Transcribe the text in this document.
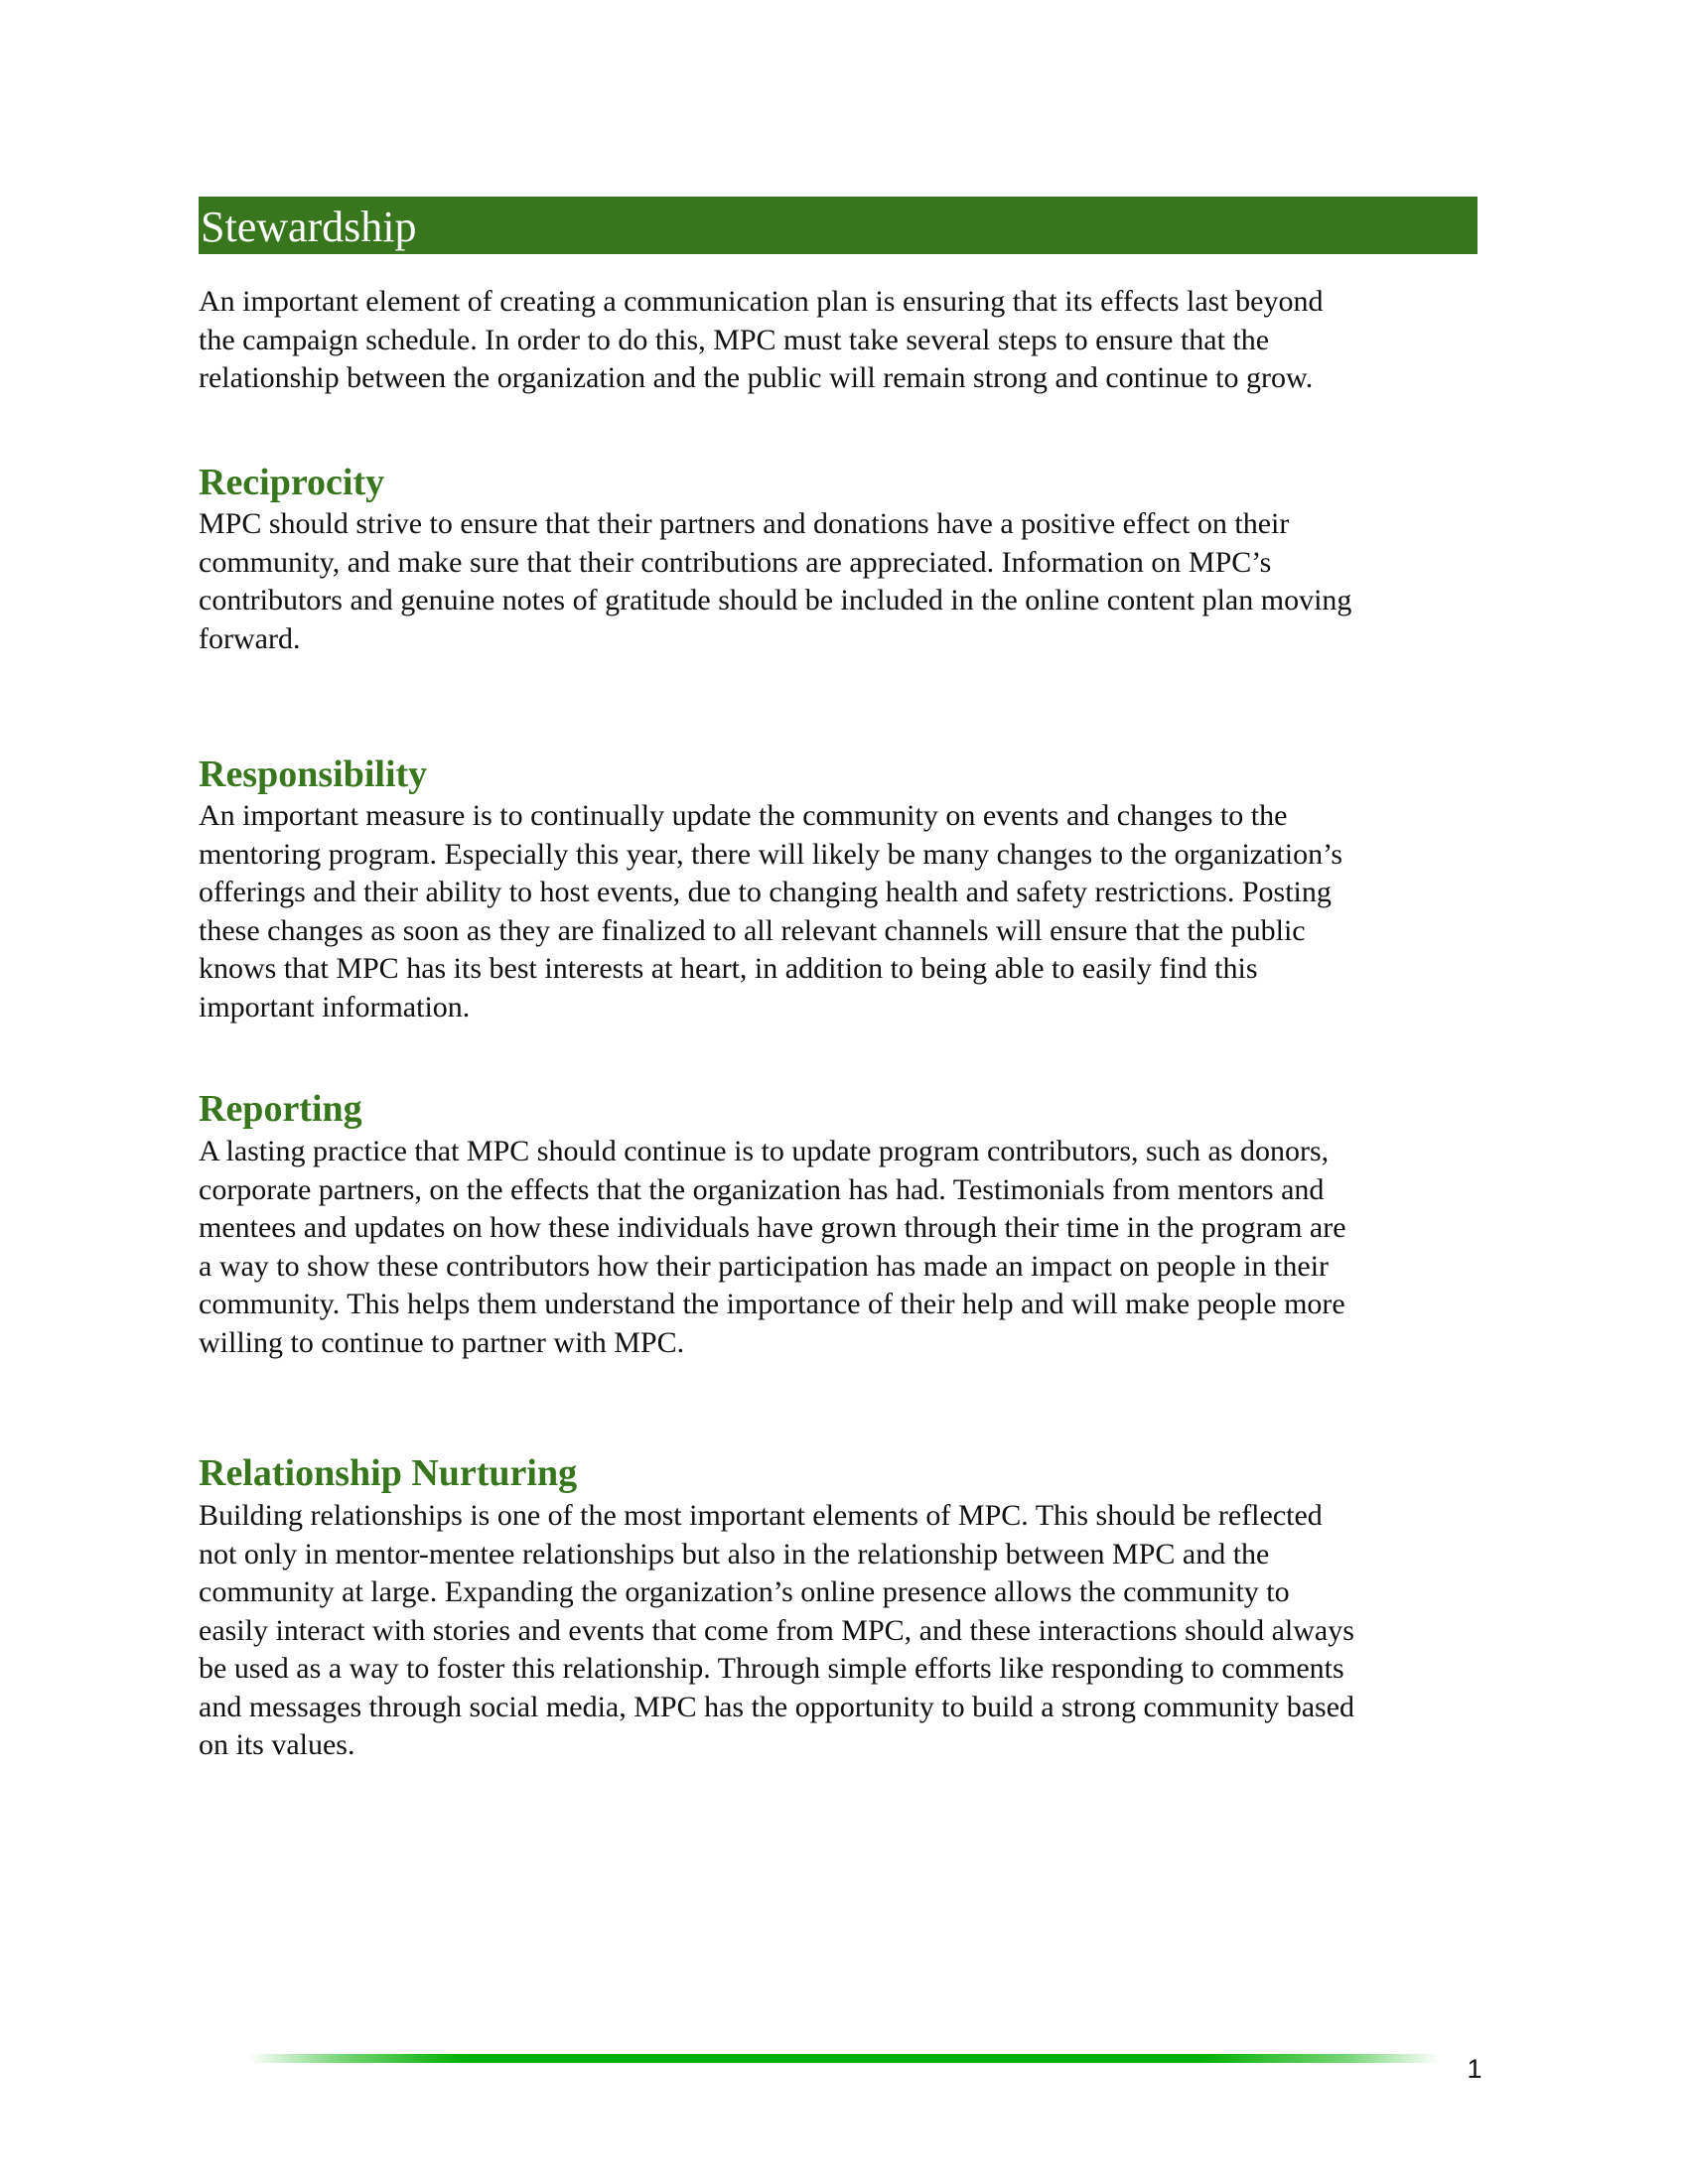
Stewardship

An important element of creating a communication plan is ensuring that its effects last beyond
the campaign schedule. In order to do this, MPC must take several steps to ensure that the
relationship between the organization and the public will remain strong and continue to grow.

Reciprocity

MPC should strive to ensure that their partners and donations have a positive effect on their
community, and make sure that their contributions are appreciated. Information on MPC’s
contributors and genuine notes of gratitude should be included in the online content plan moving
forward.

Responsibility

An important measure is to continually update the community on events and changes to the
mentoring program. Especially this year, there will likely be many changes to the organization’s
offerings and their ability to host events, due to changing health and safety restrictions. Posting
these changes as soon as they are finalized to all relevant channels will ensure that the public
knows that MPC has its best interests at heart, in addition to being able to easily find this
important information.

Reporting

A lasting practice that MPC should continue is to update program contributors, such as donors,
corporate partners, on the effects that the organization has had. Testimonials from mentors and
mentees and updates on how these individuals have grown through their time in the program are
a way to show these contributors how their participation has made an impact on people in their
community. This helps them understand the importance of their help and will make people more
willing to continue to partner with MPC.

Relationship Nurturing

Building relationships is one of the most important elements of MPC. This should be reflected
not only in mentor-mentee relationships but also in the relationship between MPC and the
community at large. Expanding the organization’s online presence allows the community to
easily interact with stories and events that come from MPC, and these interactions should always
be used as a way to foster this relationship. Through simple efforts like responding to comments
and messages through social media, MPC has the opportunity to build a strong community based
on its values.

1
